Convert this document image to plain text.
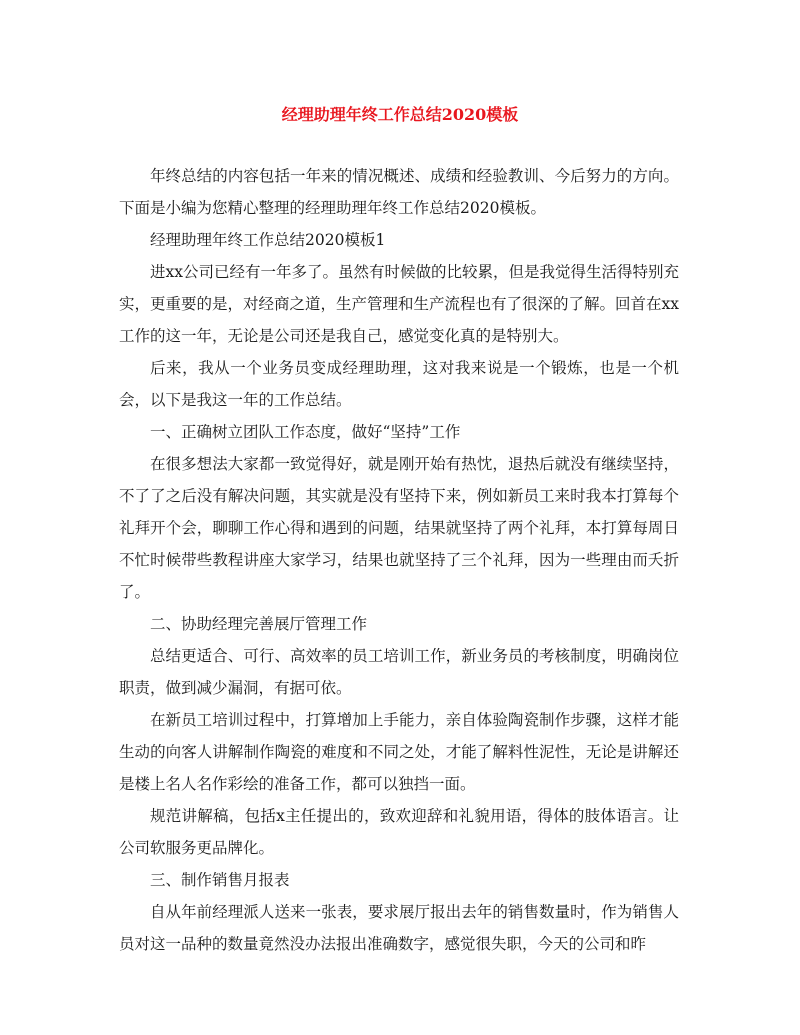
经理助理年终工作总结2020模板

年终总结的内容包括一年来的情况概述、成绩和经验教训、今后努力的方向。下面是小编为您精心整理的经理助理年终工作总结2020模板。

经理助理年终工作总结2020模板1

进xx公司已经有一年多了。虽然有时候做的比较累，但是我觉得生活得特别充实，更重要的是，对经商之道，生产管理和生产流程也有了很深的了解。回首在xx工作的这一年，无论是公司还是我自己，感觉变化真的是特别大。

后来，我从一个业务员变成经理助理，这对我来说是一个锻炼，也是一个机会，以下是我这一年的工作总结。

一、正确树立团队工作态度，做好“坚持”工作

在很多想法大家都一致觉得好，就是刚开始有热忱，退热后就没有继续坚持，不了了之后没有解决问题，其实就是没有坚持下来，例如新员工来时我本打算每个礼拜开个会，聊聊工作心得和遇到的问题，结果就坚持了两个礼拜，本打算每周日不忙时候带些教程讲座大家学习，结果也就坚持了三个礼拜，因为一些理由而夭折了。

二、协助经理完善展厅管理工作

总结更适合、可行、高效率的员工培训工作，新业务员的考核制度，明确岗位职责，做到减少漏洞，有据可依。

在新员工培训过程中，打算增加上手能力，亲自体验陶瓷制作步骤，这样才能生动的向客人讲解制作陶瓷的难度和不同之处，才能了解料性泥性，无论是讲解还是楼上名人名作彩绘的准备工作，都可以独挡一面。

规范讲解稿，包括x主任提出的，致欢迎辞和礼貌用语，得体的肢体语言。让公司软服务更品牌化。

三、制作销售月报表

自从年前经理派人送来一张表，要求展厅报出去年的销售数量时，作为销售人员对这一品种的数量竟然没办法报出准确数字，感觉很失职，今天的公司和昨
